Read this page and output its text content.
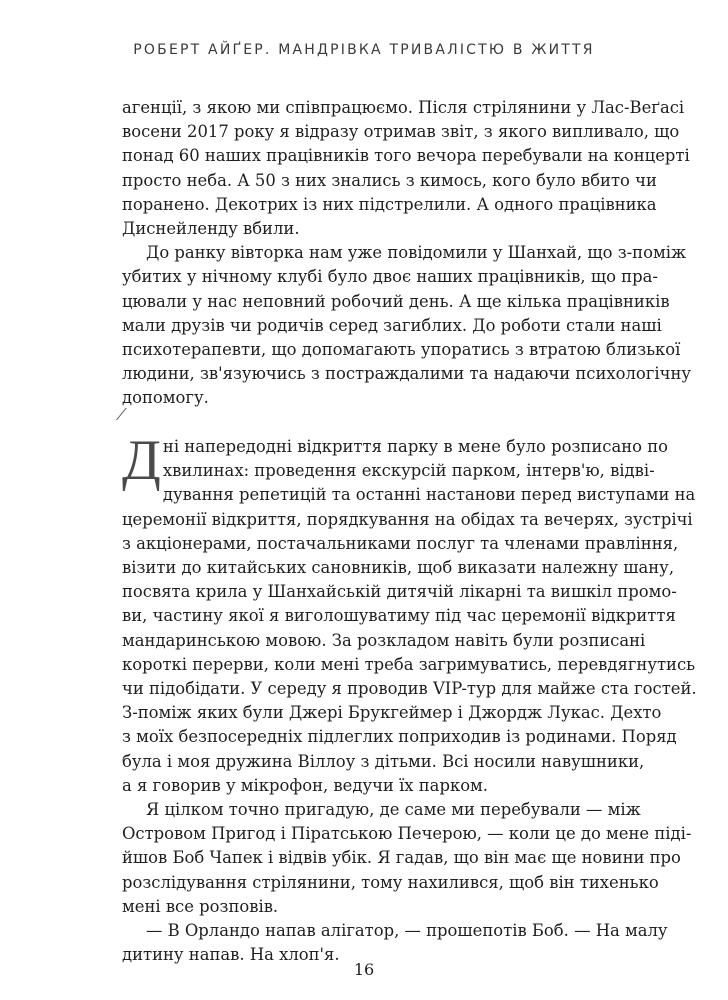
РОБЕРТ АЙҐЕР. МАНДРІВКА ТРИВАЛІСТЮ В ЖИТТЯ
агенції, з якою ми співпрацюємо. Після стрілянини у Лас-Веґасі
восени 2017 року я відразу отримав звіт, з якого випливало, що
понад 60 наших працівників того вечора перебували на концерті
просто неба. А 50 з них знались з кимось, кого було вбито чи
поранено. Декотрих із них підстрелили. А одного працівника
Диснейленду вбили.
До ранку вівторка нам уже повідомили у Шанхай, що з-поміж
убитих у нічному клубі було двоє наших працівників, що пра-
цювали у нас неповний робочий день. А ще кілька працівників
мали друзів чи родичів серед загиблих. До роботи стали наші
психотерапевти, що допомагають упоратись з втратою близької
людини, зв'язуючись з постраждалими та надаючи психологічну
допомогу.
⁄
Д ні напередодні відкриття парку в мене було розписано по
хвилинах: проведення екскурсій парком, інтерв'ю, відві-
дування репетицій та останні настанови перед виступами на
церемонії відкриття, порядкування на обідах та вечерях, зустрічі
з акціонерами, постачальниками послуг та членами правління,
візити до китайських сановників, щоб виказати належну шану,
посвята крила у Шанхайській дитячій лікарні та вишкіл промо-
ви, частину якої я виголошуватиму під час церемонії відкриття
мандаринською мовою. За розкладом навіть були розписані
короткі перерви, коли мені треба загримуватись, перевдягнутись
чи підобідати. У середу я проводив VIP-тур для майже ста гостей.
З-поміж яких були Джері Брукгеймер і Джордж Лукас. Дехто
з моїх безпосередніх підлеглих поприходив із родинами. Поряд
була і моя дружина Віллоу з дітьми. Всі носили навушники,
а я говорив у мікрофон, ведучи їх парком.
Я цілком точно пригадую, де саме ми перебували — між
Островом Пригод і Піратською Печерою, — коли це до мене піді-
йшов Боб Чапек і відвів убік. Я гадав, що він має ще новини про
розслідування стрілянини, тому нахилився, щоб він тихенько
мені все розповів.
— В Орландо напав алігатор, — прошепотів Боб. — На малу
дитину напав. На хлоп'я.
16
